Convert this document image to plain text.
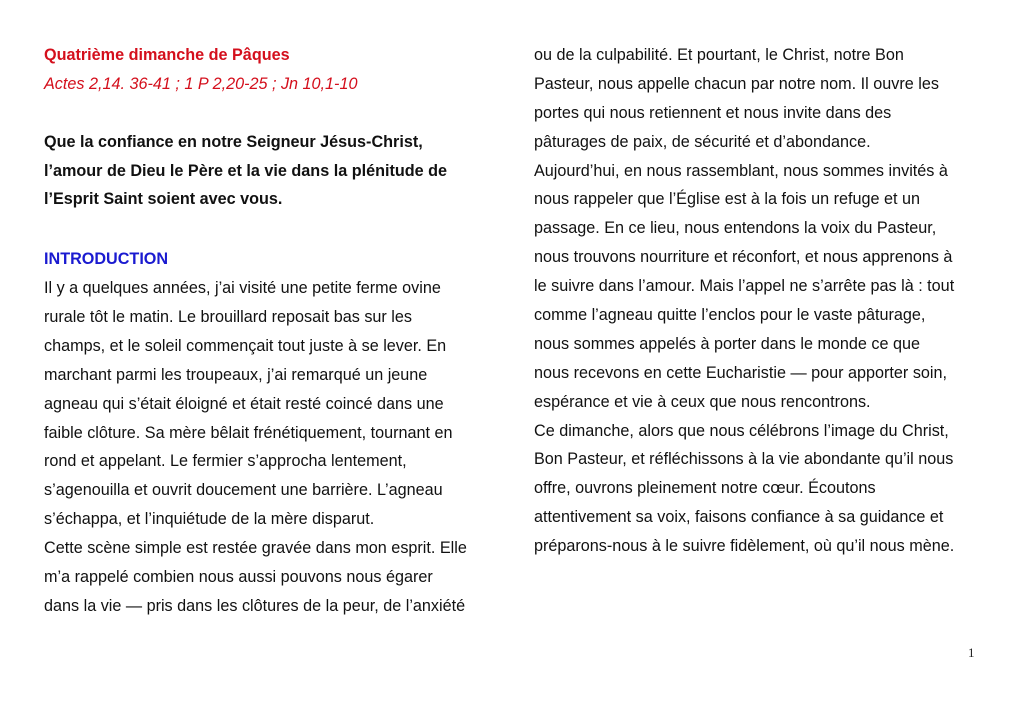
Quatrième dimanche de Pâques
Actes 2,14. 36-41 ; 1 P 2,20-25 ; Jn 10,1-10
Que la confiance en notre Seigneur Jésus-Christ,
l’amour de Dieu le Père et la vie dans la plénitude de
l’Esprit Saint soient avec vous.
INTRODUCTION
Il y a quelques années, j’ai visité une petite ferme ovine
rurale tôt le matin. Le brouillard reposait bas sur les
champs, et le soleil commençait tout juste à se lever. En
marchant parmi les troupeaux, j’ai remarqué un jeune
agneau qui s’était éloigné et était resté coincé dans une
faible clôture. Sa mère bêlait frénétiquement, tournant en
rond et appelant. Le fermier s’approcha lentement,
s’agenouilla et ouvrit doucement une barrière. L’agneau
s’échappa, et l’inquiétude de la mère disparut.
Cette scène simple est restée gravée dans mon esprit. Elle
m’a rappelé combien nous aussi pouvons nous égarer
dans la vie — pris dans les clôtures de la peur, de l’anxiété
ou de la culpabilité. Et pourtant, le Christ, notre Bon
Pasteur, nous appelle chacun par notre nom. Il ouvre les
portes qui nous retiennent et nous invite dans des
pâturages de paix, de sécurité et d’abondance.
Aujourd’hui, en nous rassemblant, nous sommes invités à
nous rappeler que l’Église est à la fois un refuge et un
passage. En ce lieu, nous entendons la voix du Pasteur,
nous trouvons nourriture et réconfort, et nous apprenons à
le suivre dans l’amour. Mais l’appel ne s’arrête pas là : tout
comme l’agneau quitte l’enclos pour le vaste pâturage,
nous sommes appelés à porter dans le monde ce que
nous recevons en cette Eucharistie — pour apporter soin,
espérance et vie à ceux que nous rencontrons.
Ce dimanche, alors que nous célébrons l’image du Christ,
Bon Pasteur, et réfléchissons à la vie abondante qu’il nous
offre, ouvrons pleinement notre cœur. Écoutons
attentivement sa voix, faisons confiance à sa guidance et
préparons-nous à le suivre fidèlement, où qu’il nous mène.
1
